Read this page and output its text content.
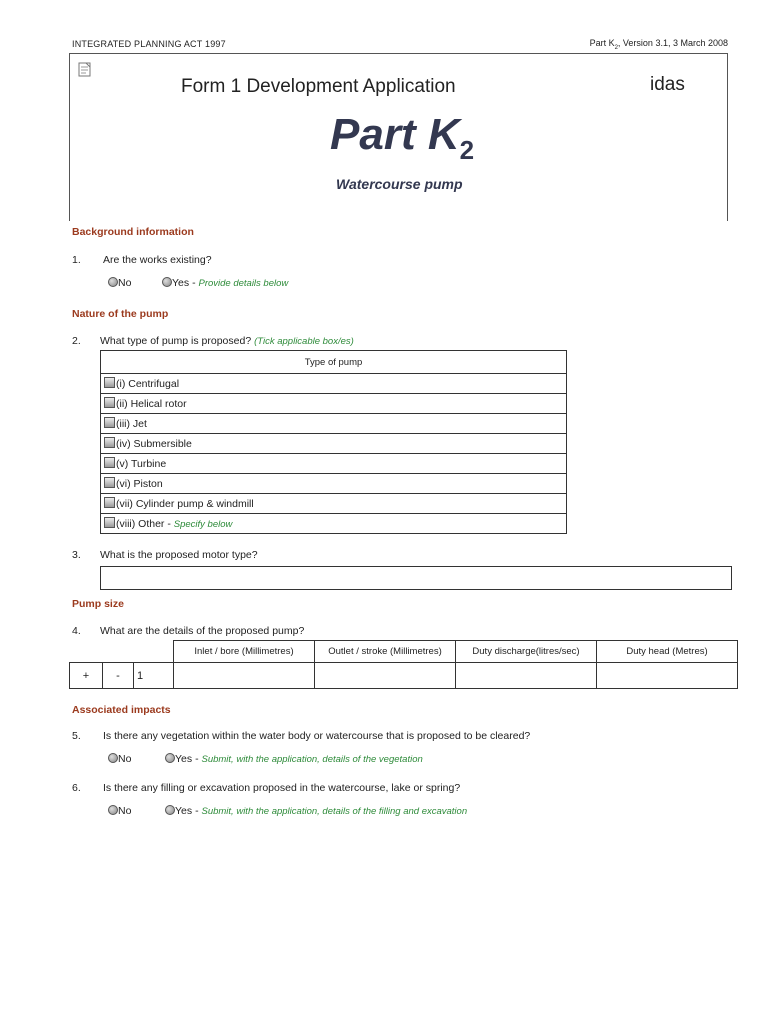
INTEGRATED PLANNING ACT 1997	Part $K_2$, Version 3.1, 3 March 2008
Form 1 Development Application	idas
Part $K_2$
Watercourse pump
Background information
1. Are the works existing?
No	Yes - Provide details below
Nature of the pump
2. What type of pump is proposed? (Tick applicable box/es)
Type of pump
(i) Centrifugal
(ii) Helical rotor
(iii) Jet
(iv) Submersible
(v) Turbine
(vi) Piston
(vii) Cylinder pump & windmill
(viii) Other - Specify below
3. What is the proposed motor type?
Pump size
4. What are the details of the proposed pump?
			Inlet / bore (Millimetres)	Outlet / stroke (Millimetres)	Duty discharge(litres/sec)	Duty head (Metres)
+	-	1				
Associated impacts
5. Is there any vegetation within the water body or watercourse that is proposed to be cleared?
No	Yes - Submit, with the application, details of the vegetation
6. Is there any filling or excavation proposed in the watercourse, lake or spring?
No	Yes - Submit, with the application, details of the filling and excavation
